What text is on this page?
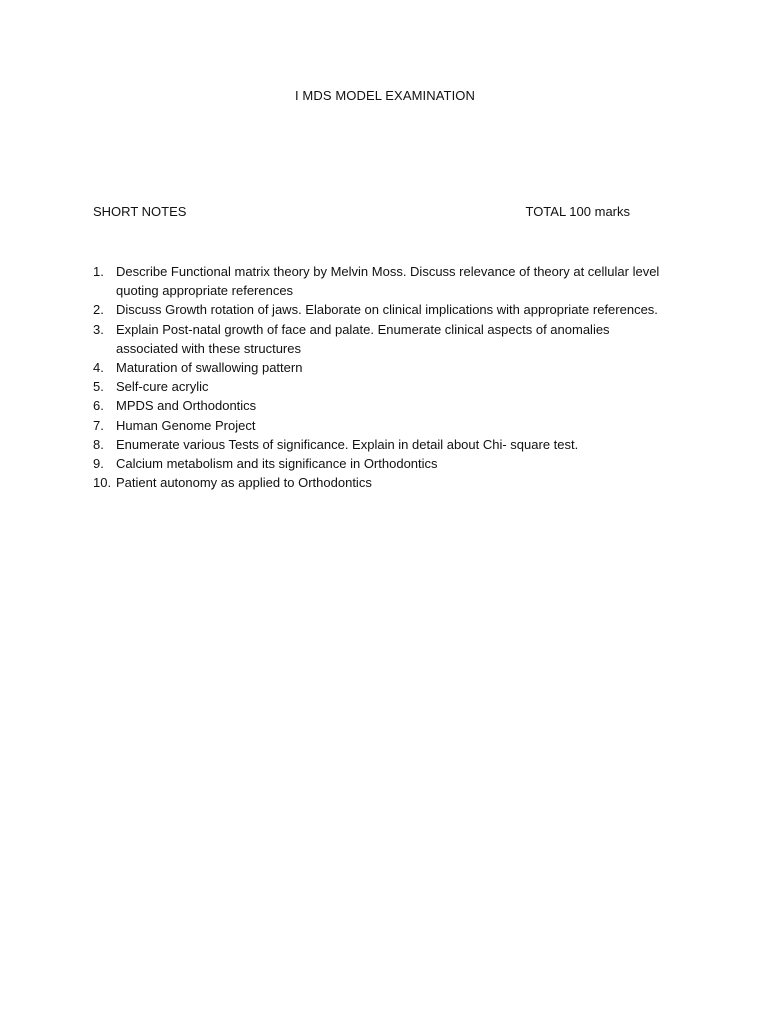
I MDS MODEL EXAMINATION
SHORT NOTES	TOTAL 100 marks
1. Describe Functional matrix theory by Melvin Moss. Discuss relevance of theory at cellular level quoting appropriate references
2. Discuss Growth rotation of jaws. Elaborate on clinical implications with appropriate references.
3. Explain Post-natal growth of face and palate. Enumerate clinical aspects of anomalies associated with these structures
4. Maturation of swallowing pattern
5. Self-cure acrylic
6. MPDS and Orthodontics
7. Human Genome Project
8. Enumerate various Tests of significance. Explain in detail about Chi- square test.
9. Calcium metabolism and its significance in Orthodontics
10. Patient autonomy as applied to Orthodontics
